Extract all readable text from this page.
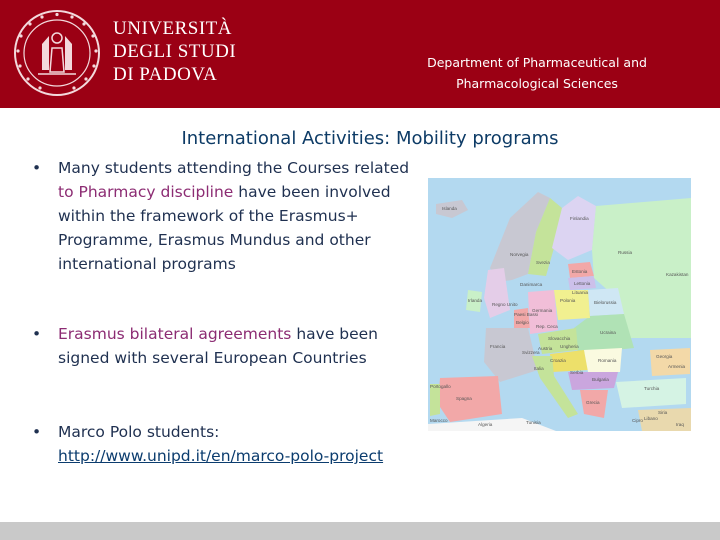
UNIVERSITÀ
DEGLI STUDI
DI PADOVA
Department of Pharmaceutical and
Pharmacological Sciences
International Activities: Mobility programs
• Many students attending the Courses related
to Pharmacy discipline have been involved
within the framework of the Erasmus+
Programme, Erasmus Mundus and other
international programs
• Erasmus bilateral agreements have been
signed with several European Countries
• Marco Polo students:
http://www.unipd.it/en/marco-polo-project
Islanda
Finlandia
Norvegia
Svezia
Estonia
Lettonia
Lituania
Russia
Kazakistan
Irlanda
Regno Unito
Danimarca
Bielorussia
Paesi Bassi
Polonia
Germania
Belgio
Ucraina
Francia
Rep. Ceca
Slovacchia
Austria Ungheria
Romania
Svizzera
Croazia
Serbia
Bulgaria
Italia
Georgia
Armenia
Spagna
Portogallo	Turchia
Grecia
Siria
Cipro Libano
Marocco
Algeria	Tunisia	Iraq
